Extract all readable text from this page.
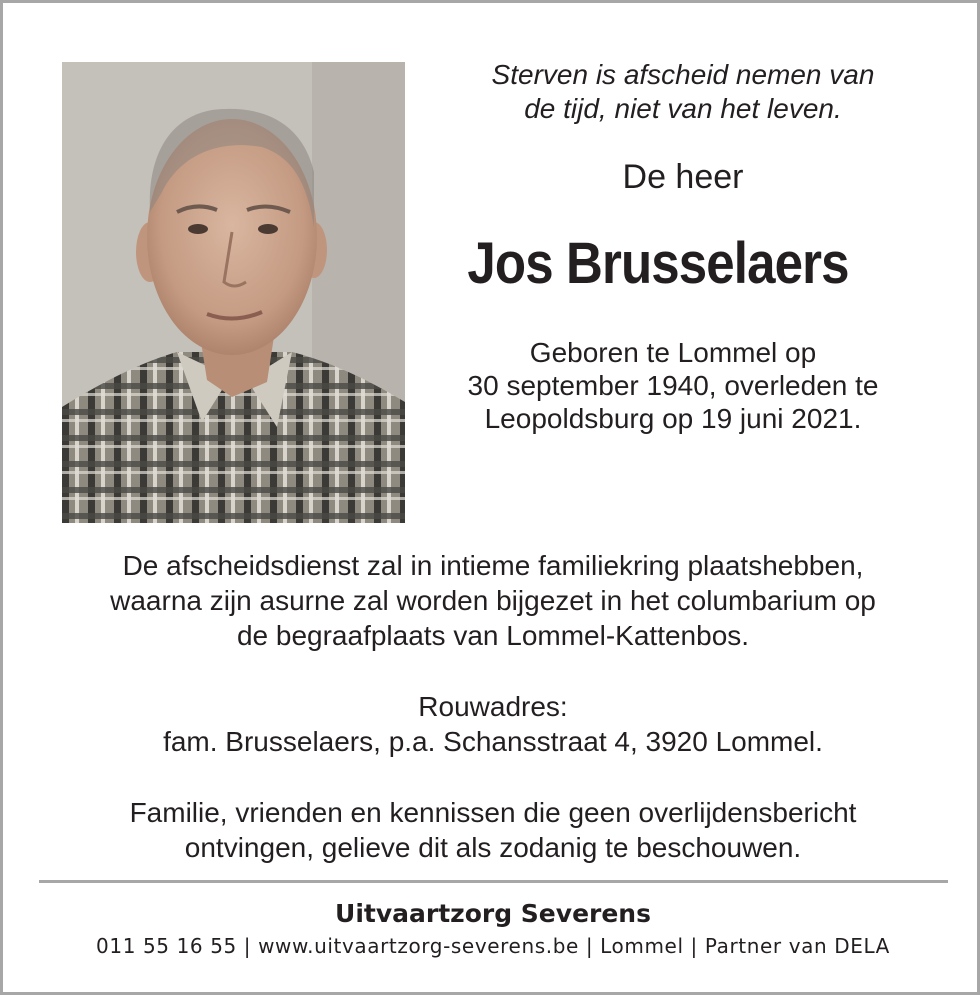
Sterven is afscheid nemen van
de tijd, niet van het leven.
De heer
Jos Brusselaers
Geboren te Lommel op
30 september 1940, overleden te
Leopoldsburg op 19 juni 2021.
De afscheidsdienst zal in intieme familiekring plaatshebben,
waarna zijn asurne zal worden bijgezet in het columbarium op
de begraafplaats van Lommel-Kattenbos.
Rouwadres:
fam. Brusselaers, p.a. Schansstraat 4, 3920 Lommel.
Familie, vrienden en kennissen die geen overlijdensbericht
ontvingen, gelieve dit als zodanig te beschouwen.
Uitvaartzorg Severens
011 55 16 55 | www.uitvaartzorg-severens.be | Lommel | Partner van DELA
